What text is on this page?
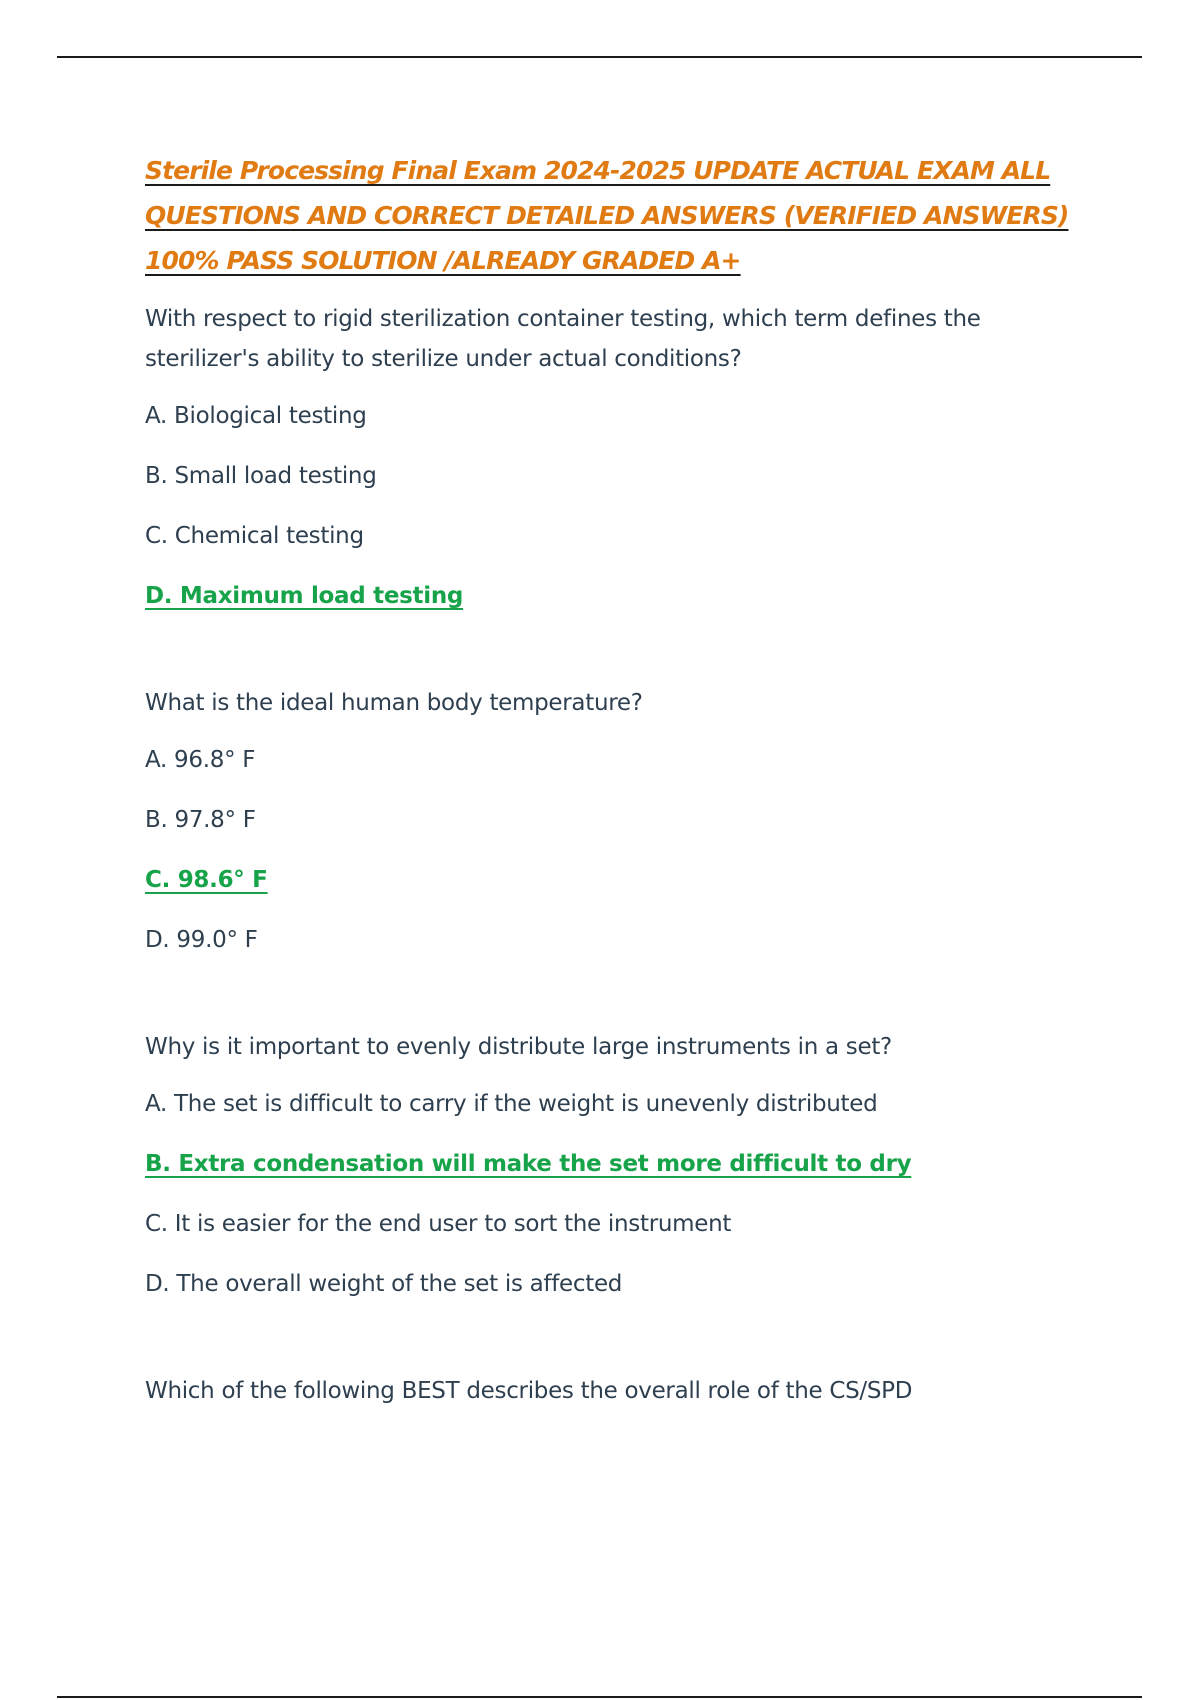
Sterile Processing Final Exam 2024-2025 UPDATE ACTUAL EXAM ALL QUESTIONS AND CORRECT DETAILED ANSWERS (VERIFIED ANSWERS) 100% PASS SOLUTION /ALREADY GRADED A+

With respect to rigid sterilization container testing, which term defines the sterilizer's ability to sterilize under actual conditions?

A. Biological testing

B. Small load testing

C. Chemical testing

D. Maximum load testing

What is the ideal human body temperature?

A. 96.8° F

B. 97.8° F

C. 98.6° F

D. 99.0° F

Why is it important to evenly distribute large instruments in a set?

A. The set is difficult to carry if the weight is unevenly distributed

B. Extra condensation will make the set more difficult to dry

C. It is easier for the end user to sort the instrument

D. The overall weight of the set is affected

Which of the following BEST describes the overall role of the CS/SPD
